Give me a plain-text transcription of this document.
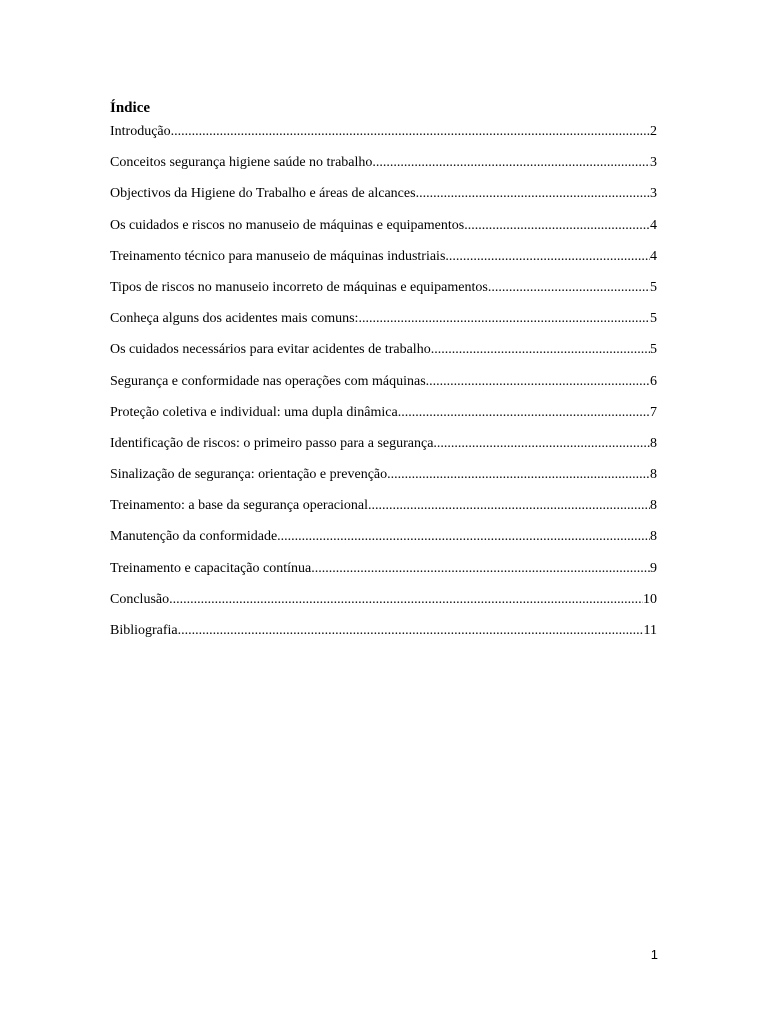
Índice
Introdução .....	2
Conceitos segurança higiene saúde no trabalho .....	3
Objectivos da Higiene do Trabalho e áreas de alcances .....	3
Os cuidados e riscos no manuseio de máquinas e equipamentos .....	4
Treinamento técnico para manuseio de máquinas industriais .....	4
Tipos de riscos no manuseio incorreto de máquinas e equipamentos .....	5
Conheça alguns dos acidentes mais comuns: .....	5
Os cuidados necessários para evitar acidentes de trabalho .....	5
Segurança e conformidade nas operações com máquinas .....	6
Proteção coletiva e individual: uma dupla dinâmica .....	7
Identificação de riscos: o primeiro passo para a segurança .....	8
Sinalização de segurança: orientação e prevenção .....	8
Treinamento: a base da segurança operacional .....	8
Manutenção da conformidade .....	8
Treinamento e capacitação contínua .....	9
Conclusão .....	10
Bibliografia .....	11
1
